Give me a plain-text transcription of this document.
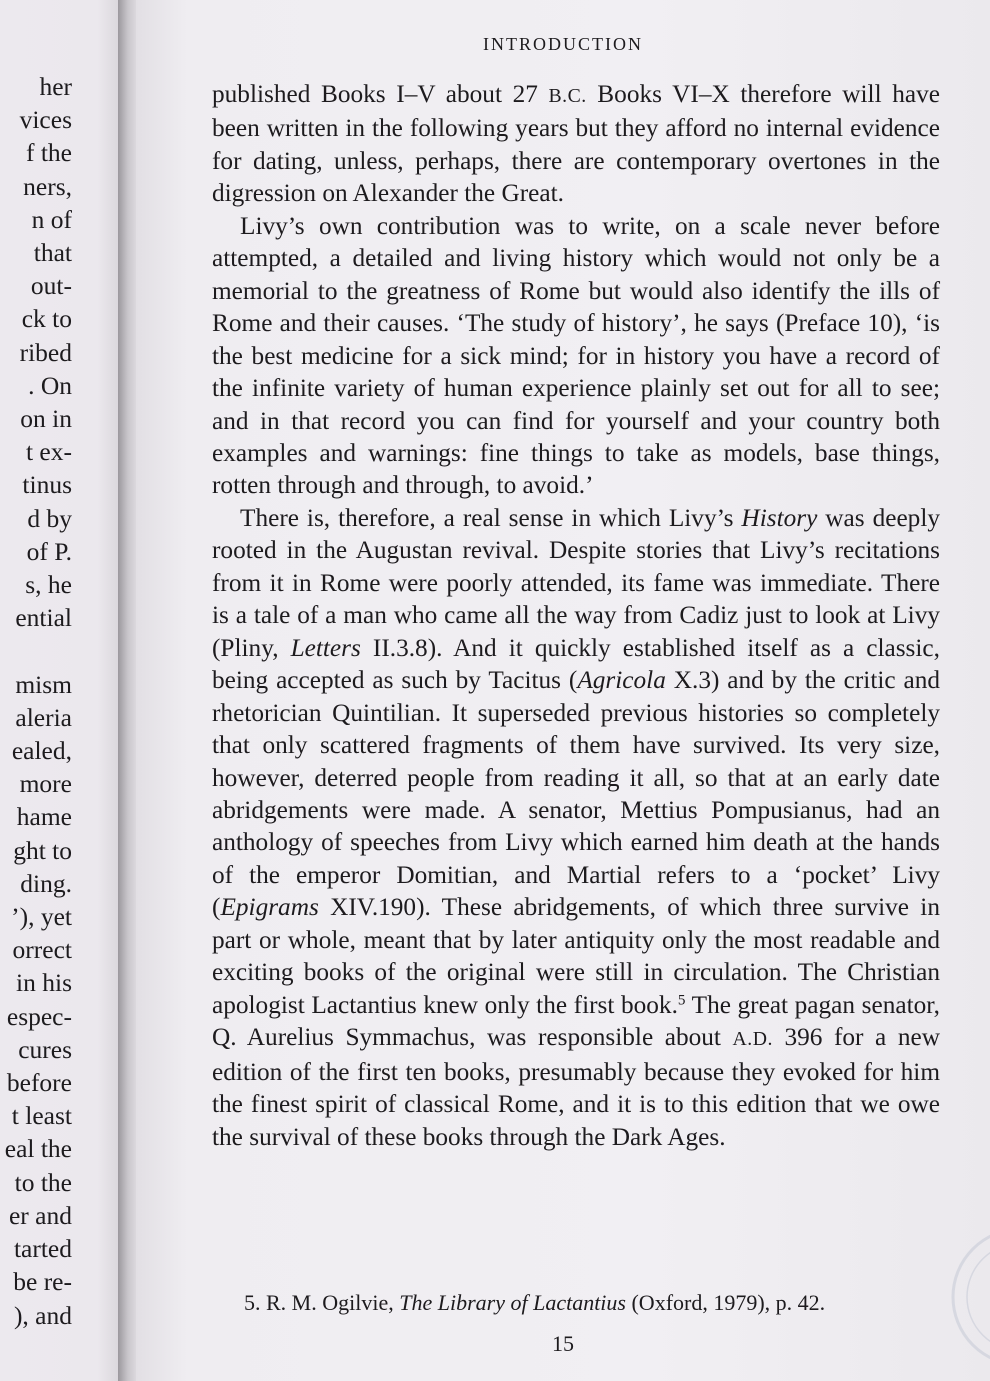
her
vices
f the
ners,
n of
that
out-
ck to
ribed
. On
on in
t ex-
tinus
d by
of P.
s, he
ential
mism
aleria
ealed,
more
hame
ght to
ding.
’), yet
orrect
in his
espec-
cures
before
t least
eal the
to the
er and
tarted
be re-
), and
INTRODUCTION

published Books I–V about 27 B.C. Books VI–X therefore will have been written in the following years but they afford no internal evidence for dating, unless, perhaps, there are contemporary overtones in the digression on Alexander the Great.

Livy’s own contribution was to write, on a scale never before attempted, a detailed and living history which would not only be a memorial to the greatness of Rome but would also identify the ills of Rome and their causes. ‘The study of history’, he says (Preface 10), ‘is the best medicine for a sick mind; for in history you have a record of the infinite variety of human experience plainly set out for all to see; and in that record you can find for yourself and your country both examples and warnings: fine things to take as models, base things, rotten through and through, to avoid.’

There is, therefore, a real sense in which Livy’s History was deeply rooted in the Augustan revival. Despite stories that Livy’s recitations from it in Rome were poorly attended, its fame was immediate. There is a tale of a man who came all the way from Cadiz just to look at Livy (Pliny, Letters II.3.8). And it quickly established itself as a classic, being accepted as such by Tacitus (Agricola X.3) and by the critic and rhetorician Quintilian. It superseded previous histories so completely that only scattered fragments of them have survived. Its very size, however, deterred people from reading it all, so that at an early date abridgements were made. A senator, Mettius Pompusianus, had an anthology of speeches from Livy which earned him death at the hands of the emperor Domitian, and Martial refers to a ‘pocket’ Livy (Epigrams XIV.190). These abridgements, of which three survive in part or whole, meant that by later antiquity only the most readable and exciting books of the original were still in circulation. The Christian apologist Lactantius knew only the first book.$^5$ The great pagan senator, Q. Aurelius Symmachus, was responsible about A.D. 396 for a new edition of the first ten books, presumably because they evoked for him the finest spirit of classical Rome, and it is to this edition that we owe the survival of these books through the Dark Ages.

5. R. M. Ogilvie, The Library of Lactantius (Oxford, 1979), p. 42.
15
